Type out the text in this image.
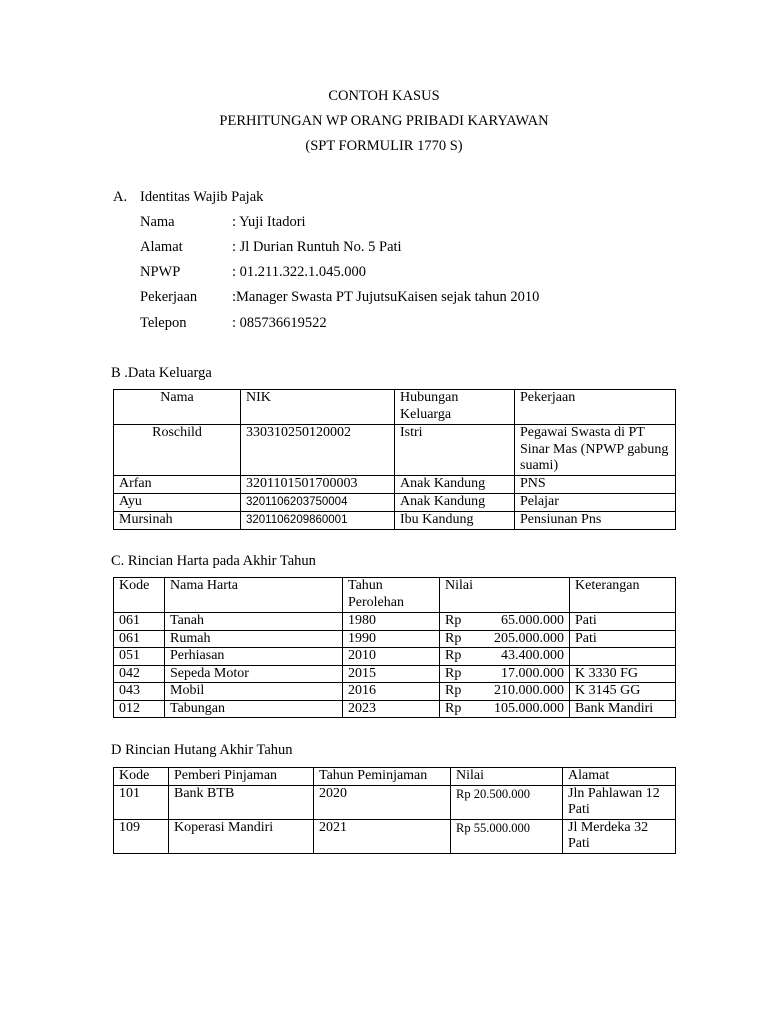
CONTOH KASUS
PERHITUNGAN WP ORANG PRIBADI KARYAWAN
(SPT FORMULIR 1770 S)
A. Identitas Wajib Pajak
Nama	: Yuji Itadori
Alamat	: Jl Durian Runtuh No. 5 Pati
NPWP	: 01.211.322.1.045.000
Pekerjaan :Manager Swasta PT JujutsuKaisen sejak tahun 2010
Telepon	: 085736619522
B .Data Keluarga
Nama	NIK	Hubungan Keluarga	Pekerjaan
Roschild	330310250120002	Istri	Pegawai Swasta di PT Sinar Mas (NPWP gabung suami)
Arfan	3201101501700003	Anak Kandung	PNS
Ayu	3201106203750004	Anak Kandung	Pelajar
Mursinah	3201106209860001	Ibu Kandung	Pensiunan Pns
C. Rincian Harta pada Akhir Tahun
Kode	Nama Harta	Tahun Perolehan	Nilai	Keterangan
061	Tanah	1980	Rp 65.000.000	Pati
061	Rumah	1990	Rp 205.000.000	Pati
051	Perhiasan	2010	Rp 43.400.000	

042	Sepeda Motor	2015	Rp 17.000.000	K 3330 FG
043	Mobil	2016	Rp 210.000.000	K 3145 GG
012	Tabungan	2023	Rp 105.000.000	Bank Mandiri
D Rincian Hutang Akhir Tahun
Kode	Pemberi Pinjaman	Tahun Peminjaman	Nilai	Alamat
101	Bank BTB	2020	Rp 20.500.000	Jln Pahlawan 12 Pati
109	Koperasi Mandiri	2021	Rp 55.000.000	Jl Merdeka 32 Pati
